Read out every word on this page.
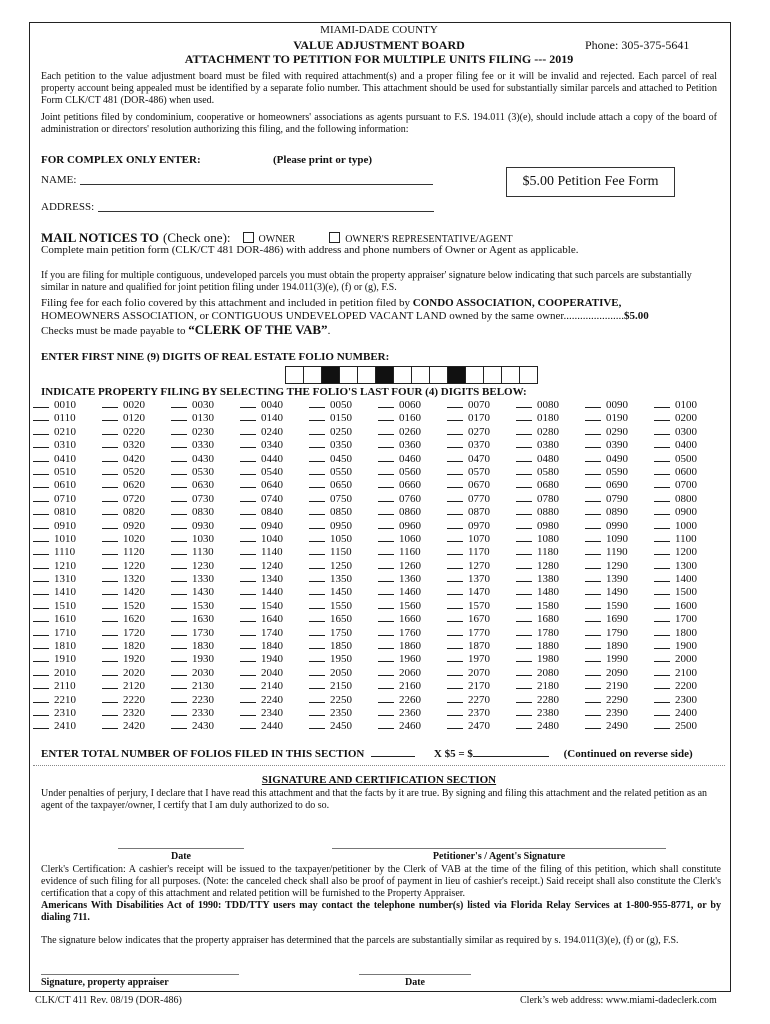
MIAMI-DADE COUNTY
VALUE ADJUSTMENT BOARD	Phone: 305-375-5641
ATTACHMENT TO PETITION FOR MULTIPLE UNITS FILING --- 2019
Each petition to the value adjustment board must be filed with required attachment(s) and a proper filing fee or it will be invalid and rejected. Each parcel of real property account being appealed must be identified by a separate folio number. This attachment should be used for substantially similar parcels and attached to Petition Form CLK/CT 481 (DOR-486) when used.
Joint petitions filed by condominium, cooperative or homeowners' associations as agents pursuant to F.S. 194.011 (3)(e), should include attach a copy of the board of administration or directors' resolution authorizing this filing, and the following information:
FOR COMPLEX ONLY ENTER:	(Please print or type)
NAME:	$5.00 Petition Fee Form
ADDRESS:
MAIL NOTICES TO (Check one):	OWNER	OWNER'S REPRESENTATIVE/AGENT
Complete main petition form (CLK/CT 481 DOR-486) with address and phone numbers of Owner or Agent as applicable.
If you are filing for multiple contiguous, undeveloped parcels you must obtain the property appraiser' signature below indicating that such parcels are substantially similar in nature and qualified for joint petition filing under 194.011(3)(e), (f) or (g), F.S.
Filing fee for each folio covered by this attachment and included in petition filed by CONDO ASSOCIATION, COOPERATIVE,
HOMEOWNERS ASSOCIATION, or CONTIGUOUS UNDEVELOPED VACANT LAND owned by the same owner......................$5.00
Checks must be made payable to “CLERK OF THE VAB”.
ENTER FIRST NINE (9) DIGITS OF REAL ESTATE FOLIO NUMBER:
INDICATE PROPERTY FILING BY SELECTING THE FOLIO'S LAST FOUR (4) DIGITS BELOW:
0010	0020	0030	0040	0050	0060	0070	0080	0090	0100
0110	0120	0130	0140	0150	0160	0170	0180	0190	0200
0210	0220	0230	0240	0250	0260	0270	0280	0290	0300
0310	0320	0330	0340	0350	0360	0370	0380	0390	0400
0410	0420	0430	0440	0450	0460	0470	0480	0490	0500
0510	0520	0530	0540	0550	0560	0570	0580	0590	0600
0610	0620	0630	0640	0650	0660	0670	0680	0690	0700
0710	0720	0730	0740	0750	0760	0770	0780	0790	0800
0810	0820	0830	0840	0850	0860	0870	0880	0890	0900
0910	0920	0930	0940	0950	0960	0970	0980	0990	1000
1010	1020	1030	1040	1050	1060	1070	1080	1090	1100
1110	1120	1130	1140	1150	1160	1170	1180	1190	1200
1210	1220	1230	1240	1250	1260	1270	1280	1290	1300
1310	1320	1330	1340	1350	1360	1370	1380	1390	1400
1410	1420	1430	1440	1450	1460	1470	1480	1490	1500
1510	1520	1530	1540	1550	1560	1570	1580	1590	1600
1610	1620	1630	1640	1650	1660	1670	1680	1690	1700
1710	1720	1730	1740	1750	1760	1770	1780	1790	1800
1810	1820	1830	1840	1850	1860	1870	1880	1890	1900
1910	1920	1930	1940	1950	1960	1970	1980	1990	2000
2010	2020	2030	2040	2050	2060	2070	2080	2090	2100
2110	2120	2130	2140	2150	2160	2170	2180	2190	2200
2210	2220	2230	2240	2250	2260	2270	2280	2290	2300
2310	2320	2330	2340	2350	2360	2370	2380	2390	2400
2410	2420	2430	2440	2450	2460	2470	2480	2490	2500
ENTER TOTAL NUMBER OF FOLIOS FILED IN THIS SECTION	X $5 = $	(Continued on reverse side)
SIGNATURE AND CERTIFICATION SECTION
Under penalties of perjury, I declare that I have read this attachment and that the facts by it are true. By signing and filing this attachment and the related petition as an agent of the taxpayer/owner, I certify that I am duly authorized to do so.
Date	Petitioner's / Agent's Signature
Clerk's Certification: A cashier's receipt will be issued to the taxpayer/petitioner by the Clerk of VAB at the time of the filing of this petition, which shall constitute evidence of such filing for all purposes. (Note: the canceled check shall also be proof of payment in lieu of cashier's receipt.) Said receipt shall also constitute the Clerk's certification that a copy of this attachment and related petition will be furnished to the Property Appraiser.
Americans With Disabilities Act of 1990: TDD/TTY users may contact the telephone number(s) listed via Florida Relay Services at 1-800-955-8771, or by dialing 711.
The signature below indicates that the property appraiser has determined that the parcels are substantially similar as required by s. 194.011(3)(e), (f) or (g), F.S.
Signature, property appraiser	Date
CLK/CT 411 Rev. 08/19 (DOR-486)	Clerk’s web address: www.miami-dadeclerk.com
